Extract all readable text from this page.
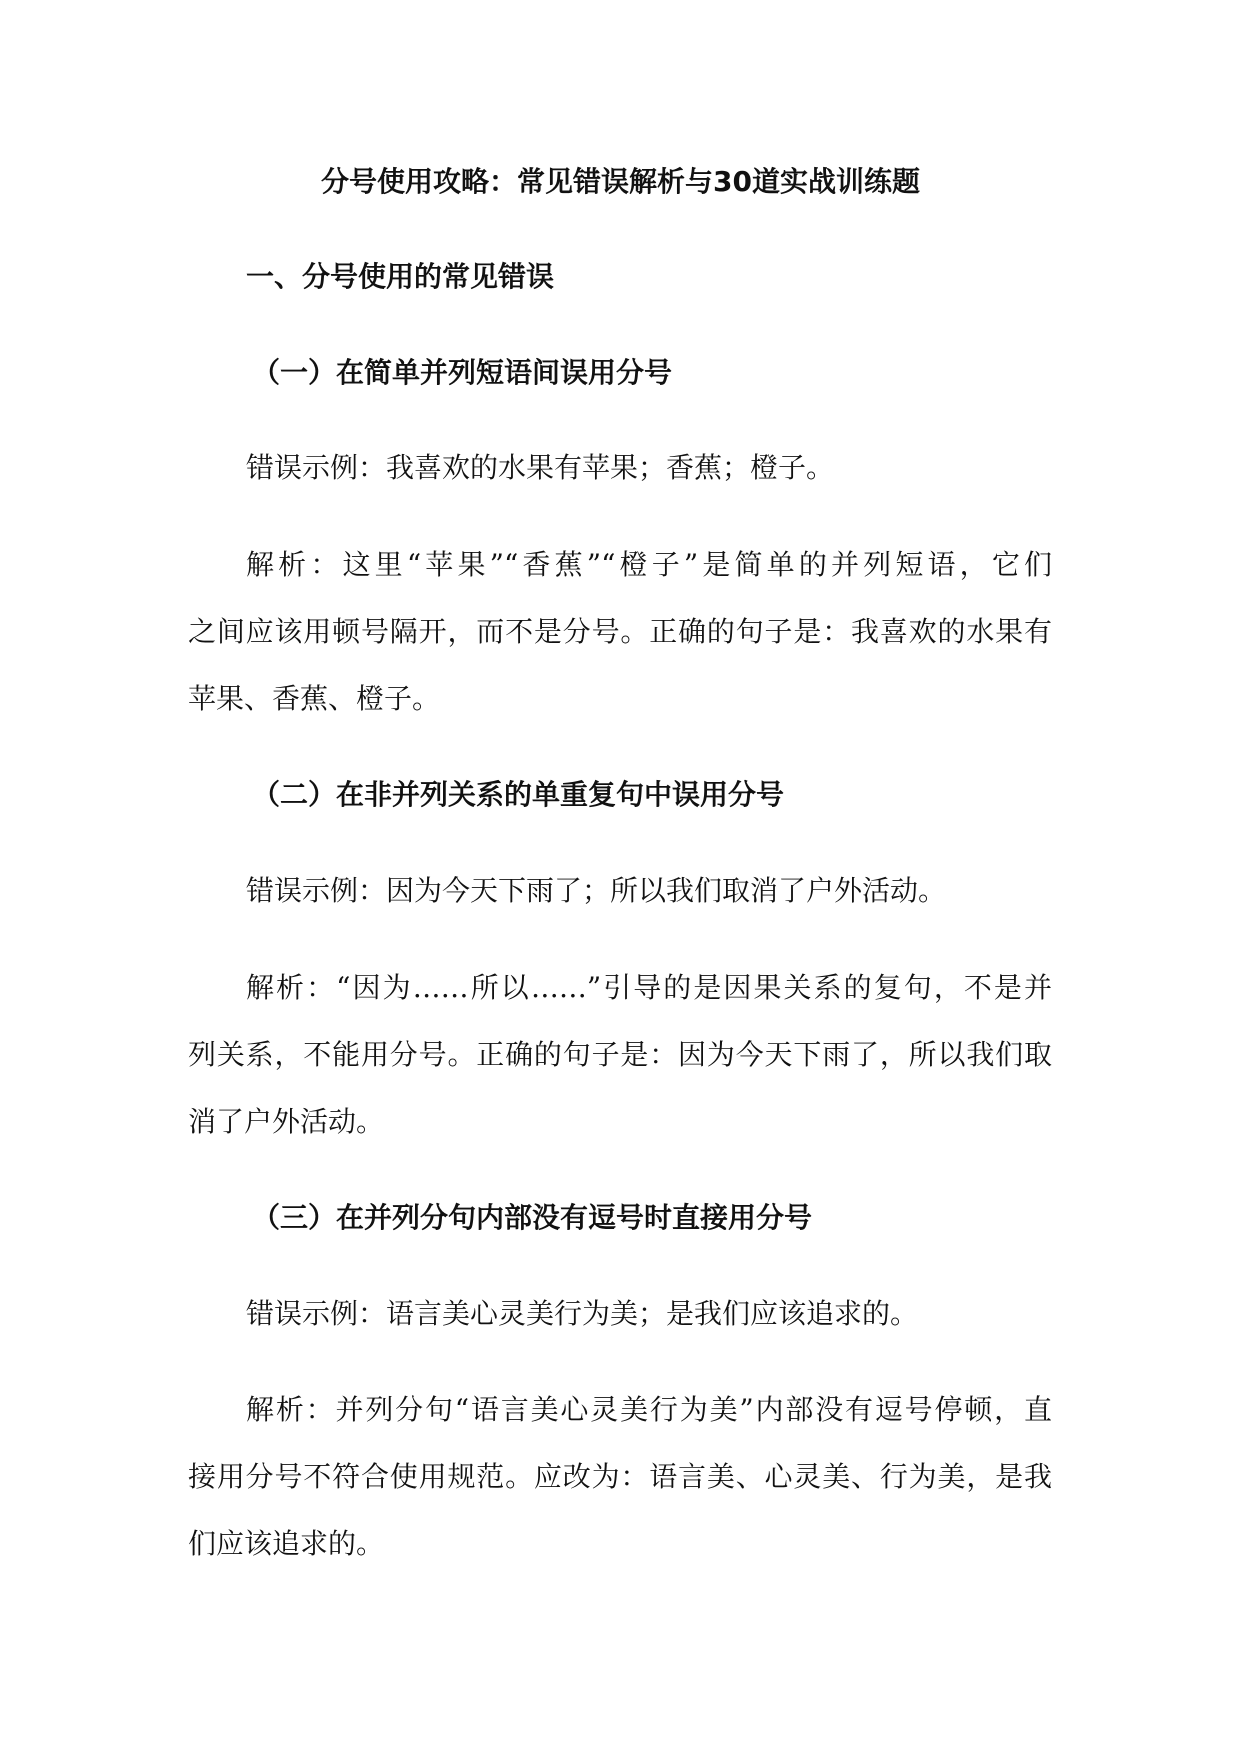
分号使用攻略：常见错误解析与30道实战训练题
一、分号使用的常见错误
（一）在简单并列短语间误用分号
错误示例：我喜欢的水果有苹果；香蕉；橙子。
解析：这里“苹果”“香蕉”“橙子”是简单的并列短语，它们
之间应该用顿号隔开，而不是分号。正确的句子是：我喜欢的水果有
苹果、香蕉、橙子。
（二）在非并列关系的单重复句中误用分号
错误示例：因为今天下雨了；所以我们取消了户外活动。
解析：“因为……所以……”引导的是因果关系的复句，不是并
列关系，不能用分号。正确的句子是：因为今天下雨了，所以我们取
消了户外活动。
（三）在并列分句内部没有逗号时直接用分号
错误示例：语言美心灵美行为美；是我们应该追求的。
解析：并列分句“语言美心灵美行为美”内部没有逗号停顿，直
接用分号不符合使用规范。应改为：语言美、心灵美、行为美，是我
们应该追求的。
